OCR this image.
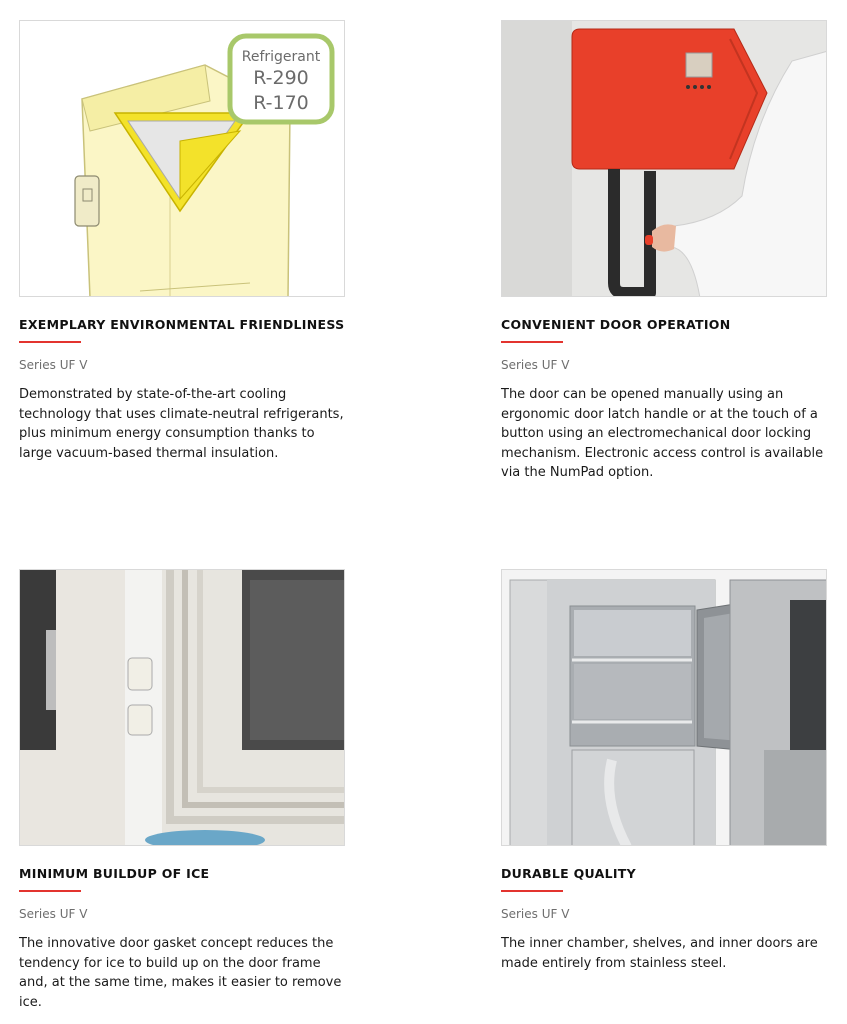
Refrigerant
R-290
R-170
EXEMPLARY ENVIRONMENTAL FRIENDLINESS
Series UF V
Demonstrated by state-of-the-art cooling technology that uses climate-neutral refrigerants, plus minimum energy consumption thanks to large vacuum-based thermal insulation.
CONVENIENT DOOR OPERATION
Series UF V
The door can be opened manually using an ergonomic door latch handle or at the touch of a button using an electromechanical door locking mechanism. Electronic access control is available via the NumPad option.
MINIMUM BUILDUP OF ICE
Series UF V
The innovative door gasket concept reduces the tendency for ice to build up on the door frame and, at the same time, makes it easier to remove ice.
DURABLE QUALITY
Series UF V
The inner chamber, shelves, and inner doors are made entirely from stainless steel.
